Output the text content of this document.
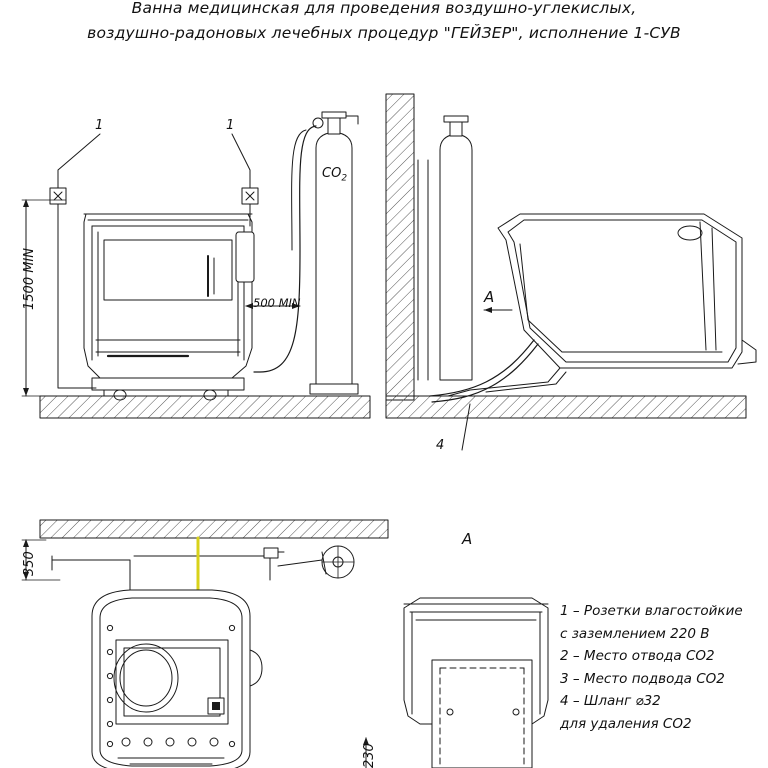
Ванна медицинская для проведения воздушно-углекислых,
воздушно-радоновых лечебных процедур "ГЕЙЗЕР", исполнение 1-СУВ
1	1
4
1500 MIN	500 MIN
350
230
$CO_2$
A
A
1 – Розетки влагостойкие
с заземлением 220 В
2 – Место отвода CO2
3 – Место подвода CO2
4 – Шланг ⌀32
для удаления CO2
